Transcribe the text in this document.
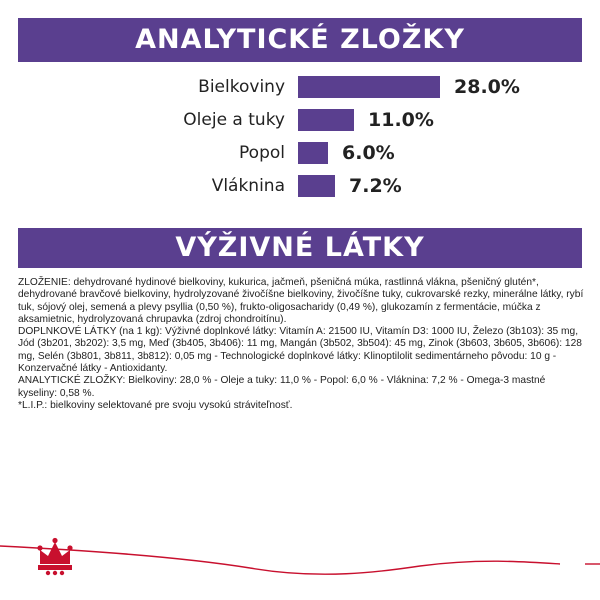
ANALYTICKÉ ZLOŽKY
Bielkoviny	28.0%
Oleje a tuky	11.0%
Popol	6.0%
Vláknina	7.2%
VÝŽIVNÉ LÁTKY

ZLOŽENIE: dehydrované hydinové bielkoviny, kukurica, jačmeň, pšeničná múka, rastlinná vlákna, pšeničný glutén*, dehydrované bravčové bielkoviny, hydrolyzované živočíšne bielkoviny, živočíšne tuky, cukrovarské rezky, minerálne látky, rybí tuk, sójový olej, semená a plevy psyllia (0,50 %), frukto-oligosacharidy (0,49 %), glukozamín z fermentácie, múčka z aksamietnic, hydrolyzovaná chrupavka (zdroj chondroitínu).

DOPLNKOVÉ LÁTKY (na 1 kg): Výživné doplnkové látky: Vitamín A: 21500 IU, Vitamín D3: 1000 IU, Železo (3b103): 35 mg, Jód (3b201, 3b202): 3,5 mg, Meď (3b405, 3b406): 11 mg, Mangán (3b502, 3b504): 45 mg, Zinok (3b603, 3b605, 3b606): 128 mg, Selén (3b801, 3b811, 3b812): 0,05 mg - Technologické doplnkové látky: Klinoptilolit sedimentárneho pôvodu: 10 g - Konzervačné látky - Antioxidanty.

ANALYTICKÉ ZLOŽKY: Bielkoviny: 28,0 % - Oleje a tuky: 11,0 % - Popol: 6,0 % - Vláknina: 7,2 % - Omega-3 mastné kyseliny: 0,58 %.

*L.I.P.: bielkoviny selektované pre svoju vysokú stráviteľnosť.
